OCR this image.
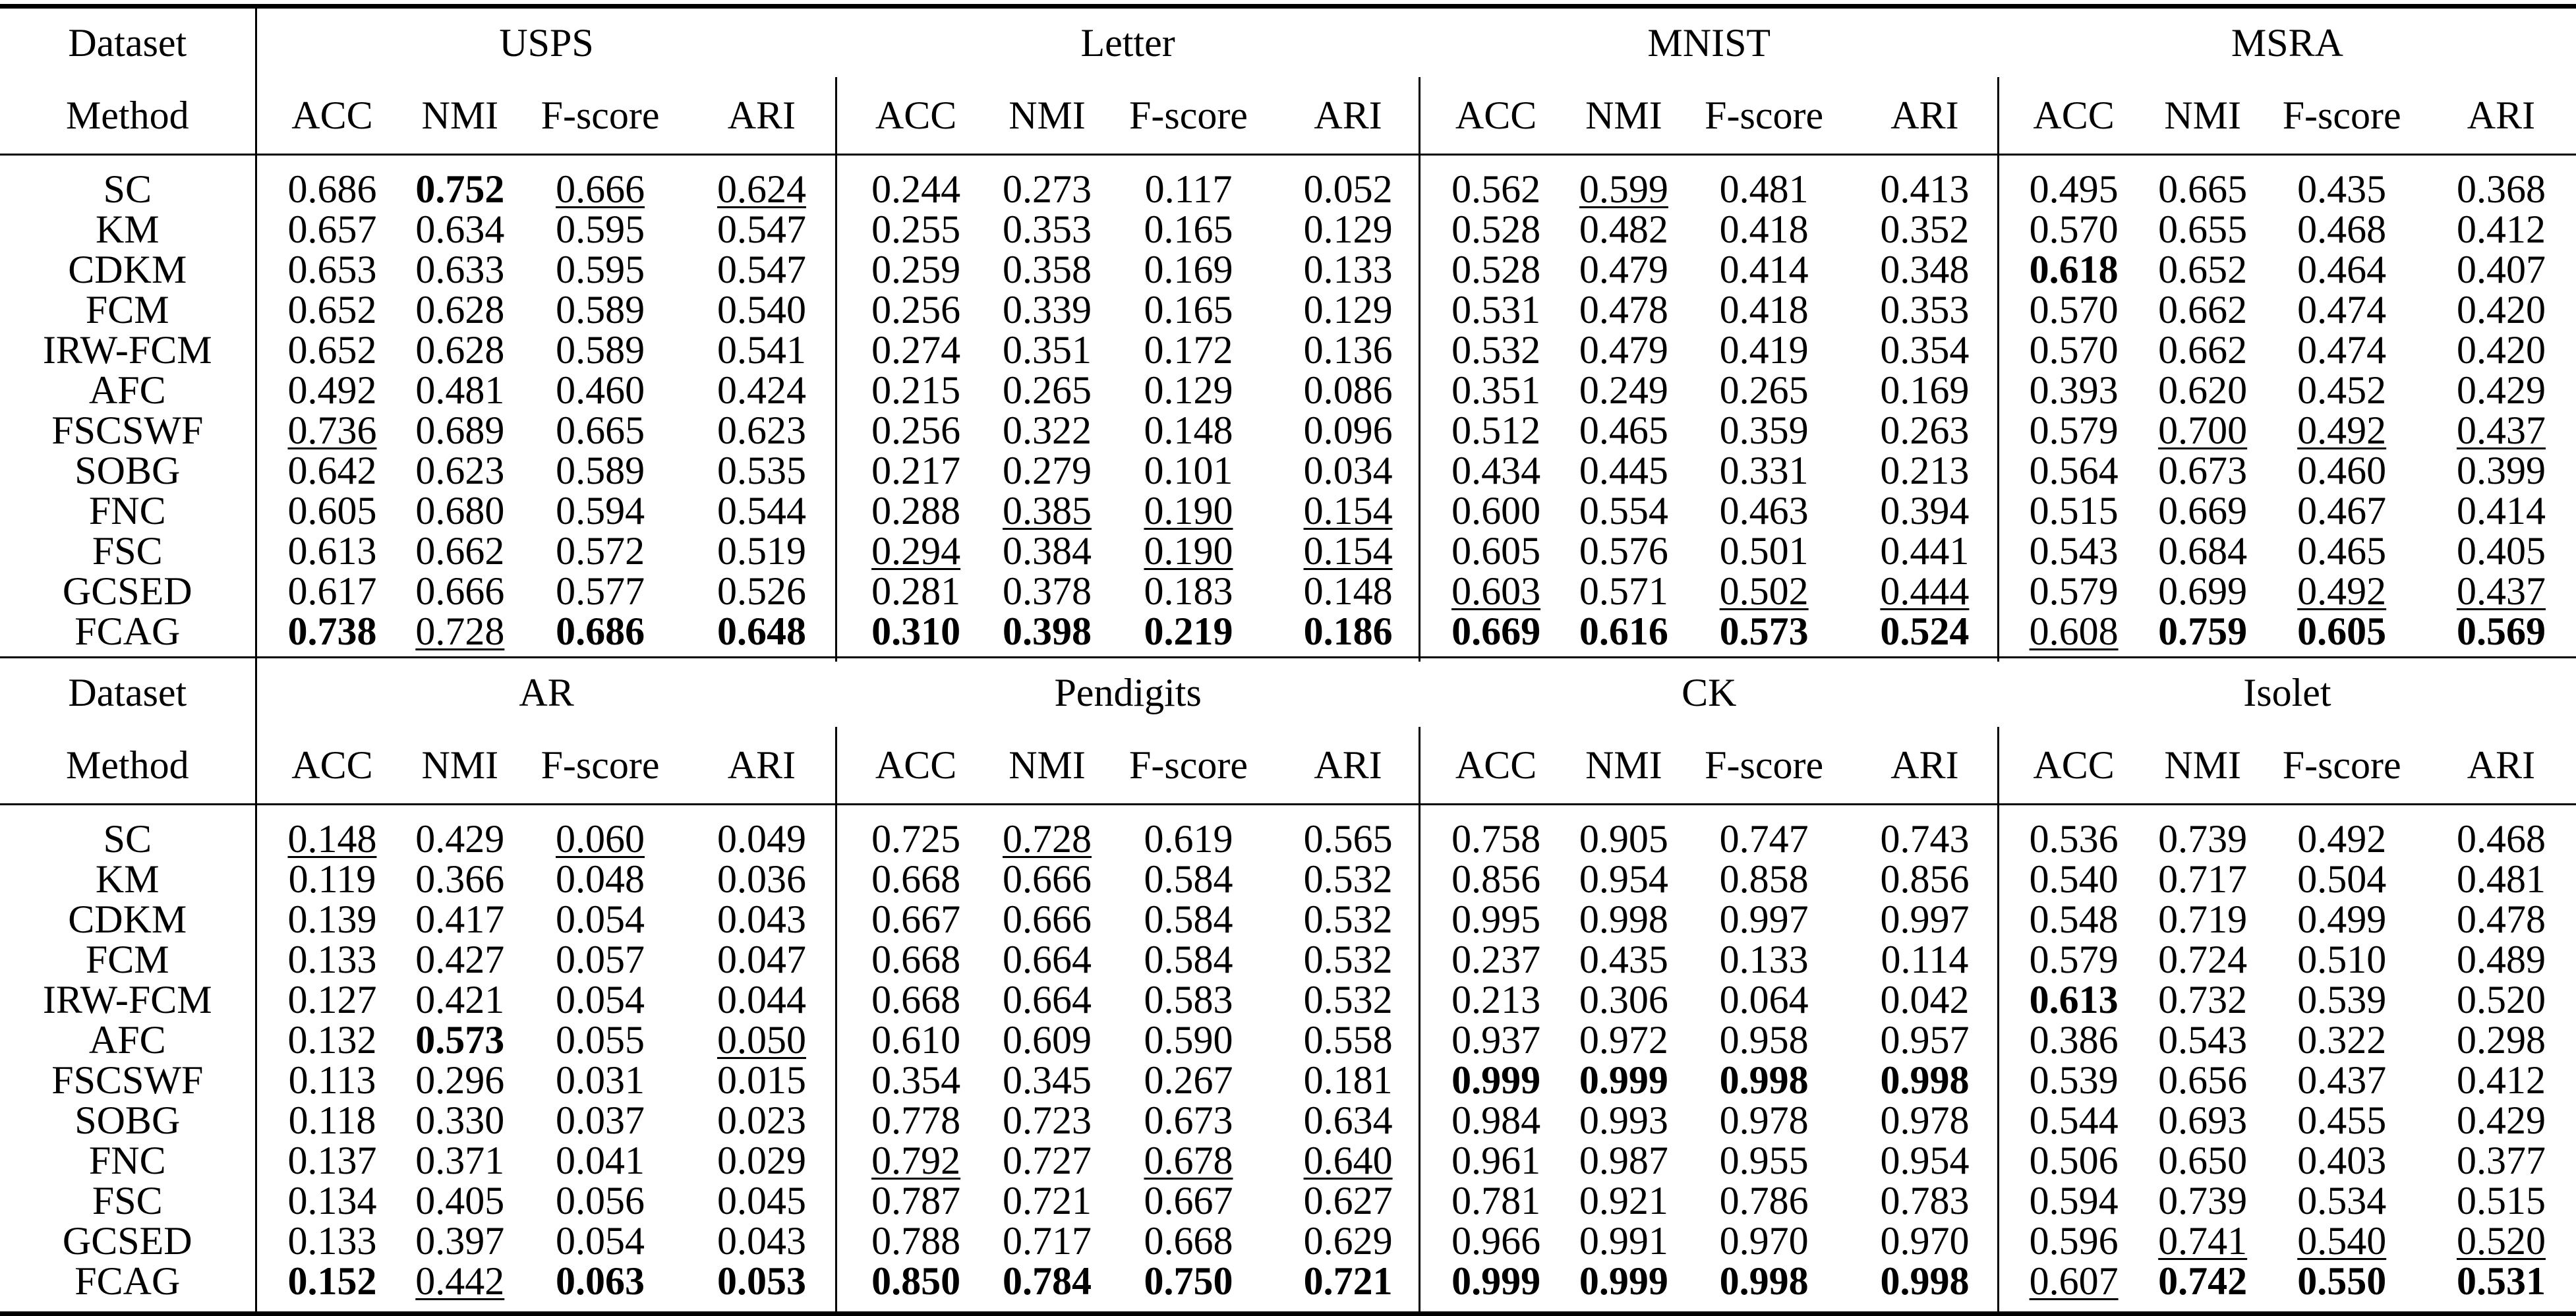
Dataset	USPS				Letter				MNIST				MSRA			
Method	ACC	NMI	F-score	ARI	ACC	NMI	F-score	ARI	ACC	NMI	F-score	ARI	ACC	NMI	F-score	ARI

SC	0.686	0.752	0.666	0.624	0.244	0.273	0.117	0.052	0.562	0.599	0.481	0.413	0.495	0.665	0.435	0.368
KM	0.657	0.634	0.595	0.547	0.255	0.353	0.165	0.129	0.528	0.482	0.418	0.352	0.570	0.655	0.468	0.412
CDKM	0.653	0.633	0.595	0.547	0.259	0.358	0.169	0.133	0.528	0.479	0.414	0.348	0.618	0.652	0.464	0.407
FCM	0.652	0.628	0.589	0.540	0.256	0.339	0.165	0.129	0.531	0.478	0.418	0.353	0.570	0.662	0.474	0.420
IRW-FCM	0.652	0.628	0.589	0.541	0.274	0.351	0.172	0.136	0.532	0.479	0.419	0.354	0.570	0.662	0.474	0.420
AFC	0.492	0.481	0.460	0.424	0.215	0.265	0.129	0.086	0.351	0.249	0.265	0.169	0.393	0.620	0.452	0.429
FSCSWF	0.736	0.689	0.665	0.623	0.256	0.322	0.148	0.096	0.512	0.465	0.359	0.263	0.579	0.700	0.492	0.437
SOBG	0.642	0.623	0.589	0.535	0.217	0.279	0.101	0.034	0.434	0.445	0.331	0.213	0.564	0.673	0.460	0.399
FNC	0.605	0.680	0.594	0.544	0.288	0.385	0.190	0.154	0.600	0.554	0.463	0.394	0.515	0.669	0.467	0.414
FSC	0.613	0.662	0.572	0.519	0.294	0.384	0.190	0.154	0.605	0.576	0.501	0.441	0.543	0.684	0.465	0.405
GCSED	0.617	0.666	0.577	0.526	0.281	0.378	0.183	0.148	0.603	0.571	0.502	0.444	0.579	0.699	0.492	0.437
FCAG	0.738	0.728	0.686	0.648	0.310	0.398	0.219	0.186	0.669	0.616	0.573	0.524	0.608	0.759	0.605	0.569

Dataset	AR				Pendigits				CK				Isolet			
Method	ACC	NMI	F-score	ARI	ACC	NMI	F-score	ARI	ACC	NMI	F-score	ARI	ACC	NMI	F-score	ARI

SC	0.148	0.429	0.060	0.049	0.725	0.728	0.619	0.565	0.758	0.905	0.747	0.743	0.536	0.739	0.492	0.468
KM	0.119	0.366	0.048	0.036	0.668	0.666	0.584	0.532	0.856	0.954	0.858	0.856	0.540	0.717	0.504	0.481
CDKM	0.139	0.417	0.054	0.043	0.667	0.666	0.584	0.532	0.995	0.998	0.997	0.997	0.548	0.719	0.499	0.478
FCM	0.133	0.427	0.057	0.047	0.668	0.664	0.584	0.532	0.237	0.435	0.133	0.114	0.579	0.724	0.510	0.489
IRW-FCM	0.127	0.421	0.054	0.044	0.668	0.664	0.583	0.532	0.213	0.306	0.064	0.042	0.613	0.732	0.539	0.520
AFC	0.132	0.573	0.055	0.050	0.610	0.609	0.590	0.558	0.937	0.972	0.958	0.957	0.386	0.543	0.322	0.298
FSCSWF	0.113	0.296	0.031	0.015	0.354	0.345	0.267	0.181	0.999	0.999	0.998	0.998	0.539	0.656	0.437	0.412
SOBG	0.118	0.330	0.037	0.023	0.778	0.723	0.673	0.634	0.984	0.993	0.978	0.978	0.544	0.693	0.455	0.429
FNC	0.137	0.371	0.041	0.029	0.792	0.727	0.678	0.640	0.961	0.987	0.955	0.954	0.506	0.650	0.403	0.377
FSC	0.134	0.405	0.056	0.045	0.787	0.721	0.667	0.627	0.781	0.921	0.786	0.783	0.594	0.739	0.534	0.515
GCSED	0.133	0.397	0.054	0.043	0.788	0.717	0.668	0.629	0.966	0.991	0.970	0.970	0.596	0.741	0.540	0.520
FCAG	0.152	0.442	0.063	0.053	0.850	0.784	0.750	0.721	0.999	0.999	0.998	0.998	0.607	0.742	0.550	0.531
